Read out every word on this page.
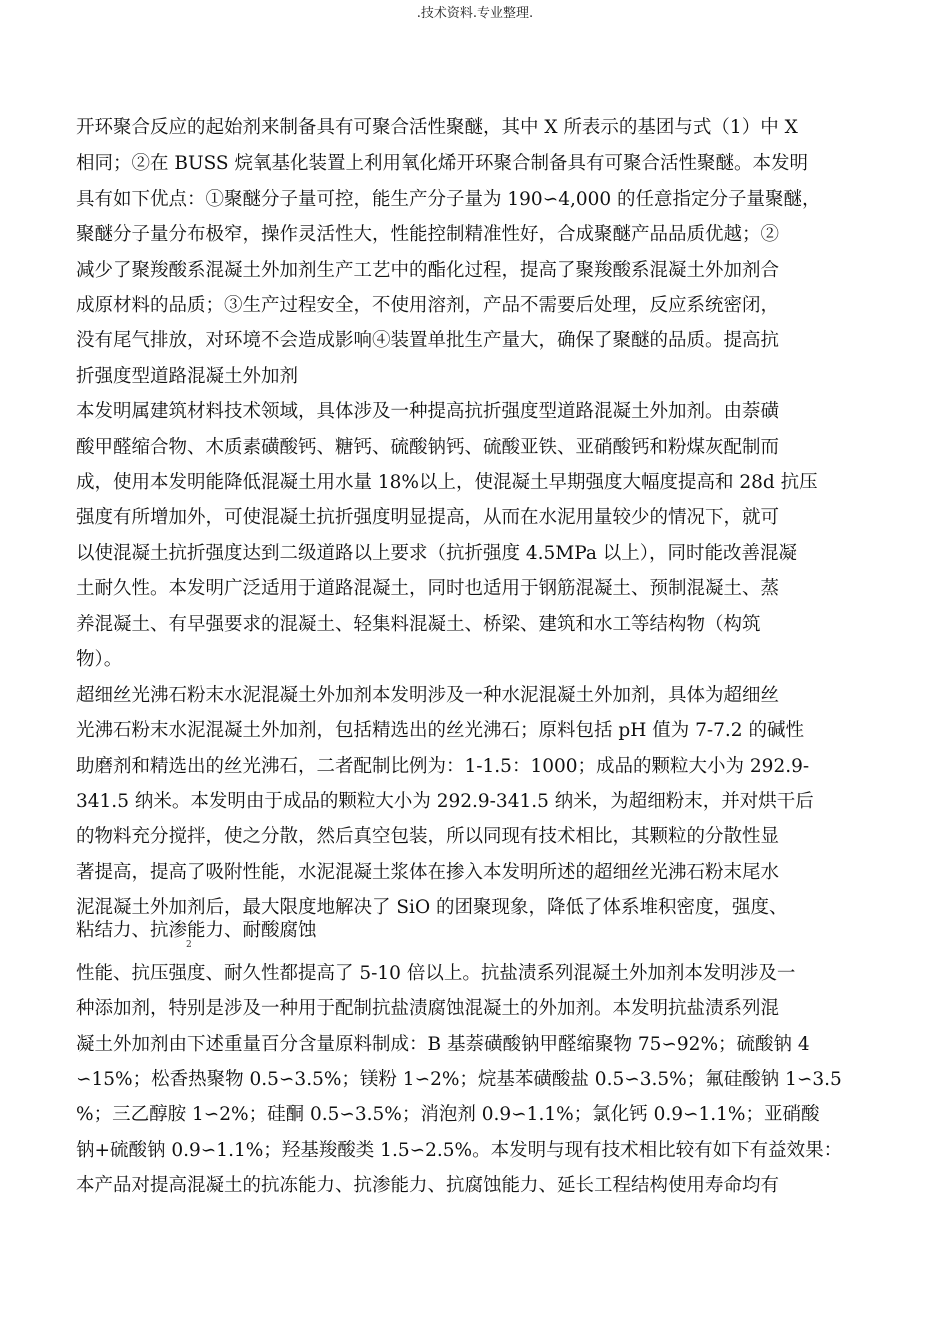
.技术资料.专业整理.
开环聚合反应的起始剂来制备具有可聚合活性聚醚，其中 X 所表示的基团与式（1）中 X
相同；②在 BUSS 烷氧基化装置上利用氧化烯开环聚合制备具有可聚合活性聚醚。本发明
具有如下优点：①聚醚分子量可控，能生产分子量为 190∽4,000 的任意指定分子量聚醚，
聚醚分子量分布极窄，操作灵活性大，性能控制精准性好，合成聚醚产品品质优越；②
减少了聚羧酸系混凝土外加剂生产工艺中的酯化过程，提高了聚羧酸系混凝土外加剂合
成原材料的品质；③生产过程安全，不使用溶剂，产品不需要后处理，反应系统密闭，
没有尾气排放，对环境不会造成影响④装置单批生产量大，确保了聚醚的品质。提高抗
折强度型道路混凝土外加剂
本发明属建筑材料技术领域，具体涉及一种提高抗折强度型道路混凝土外加剂。由萘磺
酸甲醛缩合物、木质素磺酸钙、糖钙、硫酸钠钙、硫酸亚铁、亚硝酸钙和粉煤灰配制而
成，使用本发明能降低混凝土用水量 18%以上，使混凝土早期强度大幅度提高和 28d 抗压
强度有所增加外，可使混凝土抗折强度明显提高，从而在水泥用量较少的情况下，就可
以使混凝土抗折强度达到二级道路以上要求（抗折强度 4.5MPa 以上），同时能改善混凝
土耐久性。本发明广泛适用于道路混凝土，同时也适用于钢筋混凝土、预制混凝土、蒸
养混凝土、有早强要求的混凝土、轻集料混凝土、桥梁、建筑和水工等结构物（构筑
物）。
超细丝光沸石粉末水泥混凝土外加剂本发明涉及一种水泥混凝土外加剂，具体为超细丝
光沸石粉末水泥混凝土外加剂，包括精选出的丝光沸石；原料包括 pH 值为 7-7.2 的碱性
助磨剂和精选出的丝光沸石，二者配制比例为：1-1.5：1000；成品的颗粒大小为 292.9-
341.5 纳米。本发明由于成品的颗粒大小为 292.9-341.5 纳米，为超细粉末，并对烘干后
的物料充分搅拌，使之分散，然后真空包装，所以同现有技术相比，其颗粒的分散性显
著提高，提高了吸附性能，水泥混凝土浆体在掺入本发明所述的超细丝光沸石粉末尾水
泥混凝土外加剂后，最大限度地解决了 SiO 的团聚现象，降低了体系堆积密度，强度、
粘结力、抗渗能力、耐酸腐蚀
2
性能、抗压强度、耐久性都提高了 5-10 倍以上。抗盐渍系列混凝土外加剂本发明涉及一
种添加剂，特别是涉及一种用于配制抗盐渍腐蚀混凝土的外加剂。本发明抗盐渍系列混
凝土外加剂由下述重量百分含量原料制成：B 基萘磺酸钠甲醛缩聚物 75∽92%；硫酸钠 4
∽15%；松香热聚物 0.5∽3.5%；镁粉 1∽2%；烷基苯磺酸盐 0.5∽3.5%；氟硅酸钠 1∽3.5
%；三乙醇胺 1∽2%；硅酮 0.5∽3.5%；消泡剂 0.9∽1.1%；氯化钙 0.9∽1.1%；亚硝酸
钠+硫酸钠 0.9∽1.1%；羟基羧酸类 1.5∽2.5%。本发明与现有技术相比较有如下有益效果：
本产品对提高混凝土的抗冻能力、抗渗能力、抗腐蚀能力、延长工程结构使用寿命均有
